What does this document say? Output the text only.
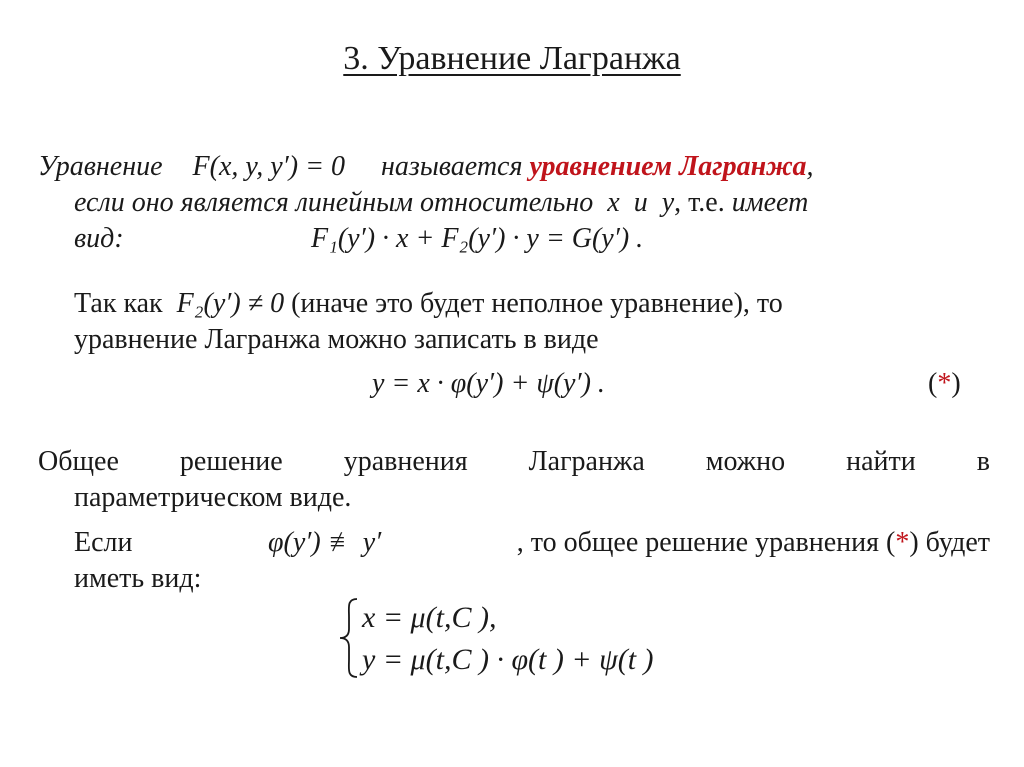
3. Уравнение Лагранжа
Уравнение F(x, y, y′) = 0 называется уравнением Лагранжа,
если оно является линейным относительно x и y, т.е. имеет
вид:	F₁(y′) · x + F₂(y′) · y = G(y′) .
Так как F₂(y′) ≠ 0 (иначе это будет неполное уравнение), то
уравнение Лагранжа можно записать в виде
y = x · φ(y′) + ψ(y′) .	(*)
Общее решение уравнения Лагранжа можно найти в
параметрическом виде.
Если	φ(y′) ≢ y′	, то общее решение уравнения (*) будет
иметь вид:
x = μ(t,C ),
y = μ(t,C ) · φ(t ) + ψ(t )
